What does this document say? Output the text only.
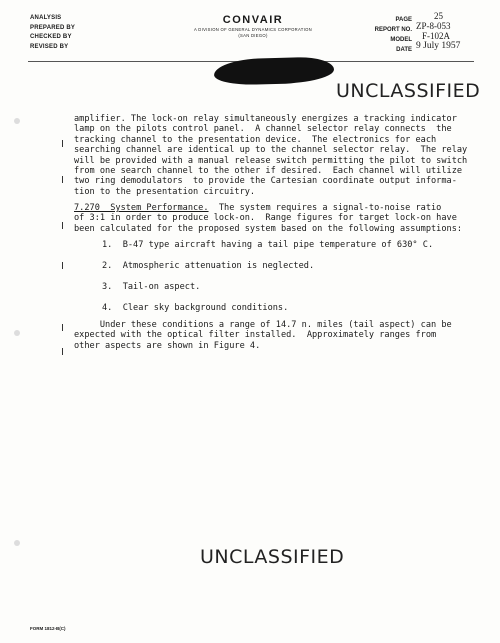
ANALYSIS
PREPARED BY
CHECKED BY
REVISED BY
CONVAIR
A DIVISION OF GENERAL DYNAMICS CORPORATION
(SAN DIEGO)
PAGE
REPORT NO.
MODEL
DATE
25
ZP-8-053
F-102A
9 July 1957
UNCLASSIFIED

amplifier. The lock-on relay simultaneously energizes a tracking indicator

lamp on the pilots control panel.  A channel selector relay connects  the

tracking channel to the presentation device.  The electronics for each

searching channel are identical up to the channel selector relay.  The relay

will be provided with a manual release switch permitting the pilot to switch

from one search channel to the other if desired.  Each channel will utilize

two ring demodulators  to provide the Cartesian coordinate output informa-

tion to the presentation circuitry.

7.270  System Performance.  The system requires a signal-to-noise ratio

of 3:1 in order to produce lock-on.  Range figures for target lock-on have

been calculated for the proposed system based on the following assumptions:

1.  B-47 type aircraft having a tail pipe temperature of 630° C.
2.  Atmospheric attenuation is neglected.
3.  Tail-on aspect.
4.  Clear sky background conditions.

Under these conditions a range of 14.7 n. miles (tail aspect) can be

expected with the optical filter installed.  Approximately ranges from

other aspects are shown in Figure 4.

UNCLASSIFIED
FORM 1812-B(C)
